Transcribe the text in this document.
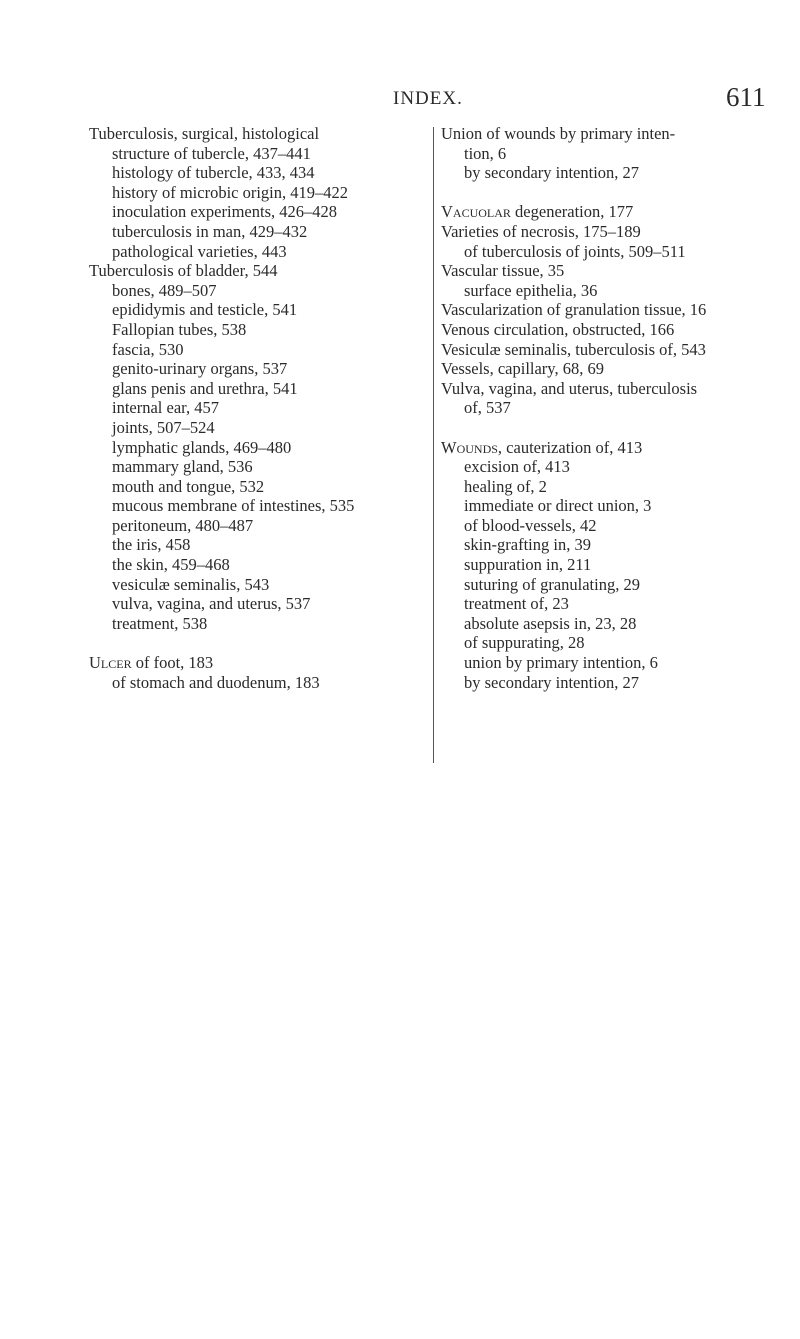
INDEX.	611
Tuberculosis, surgical, histological
structure of tubercle, 437–441
histology of tubercle, 433, 434
history of microbic origin, 419–422
inoculation experiments, 426–428
tuberculosis in man, 429–432
pathological varieties, 443
Tuberculosis of bladder, 544
bones, 489–507
epididymis and testicle, 541
Fallopian tubes, 538
fascia, 530
genito-urinary organs, 537
glans penis and urethra, 541
internal ear, 457
joints, 507–524
lymphatic glands, 469–480
mammary gland, 536
mouth and tongue, 532
mucous membrane of intestines, 535
peritoneum, 480–487
the iris, 458
the skin, 459–468
vesiculæ seminalis, 543
vulva, vagina, and uterus, 537
treatment, 538
Ulcer of foot, 183
of stomach and duodenum, 183
Union of wounds by primary inten-
tion, 6
by secondary intention, 27
Vacuolar degeneration, 177
Varieties of necrosis, 175–189
of tuberculosis of joints, 509–511
Vascular tissue, 35
surface epithelia, 36
Vascularization of granulation tissue, 16
Venous circulation, obstructed, 166
Vesiculæ seminalis, tuberculosis of, 543
Vessels, capillary, 68, 69
Vulva, vagina, and uterus, tuberculosis
of, 537
Wounds, cauterization of, 413
excision of, 413
healing of, 2
immediate or direct union, 3
of blood-vessels, 42
skin-grafting in, 39
suppuration in, 211
suturing of granulating, 29
treatment of, 23
absolute asepsis in, 23, 28
of suppurating, 28
union by primary intention, 6
by secondary intention, 27
